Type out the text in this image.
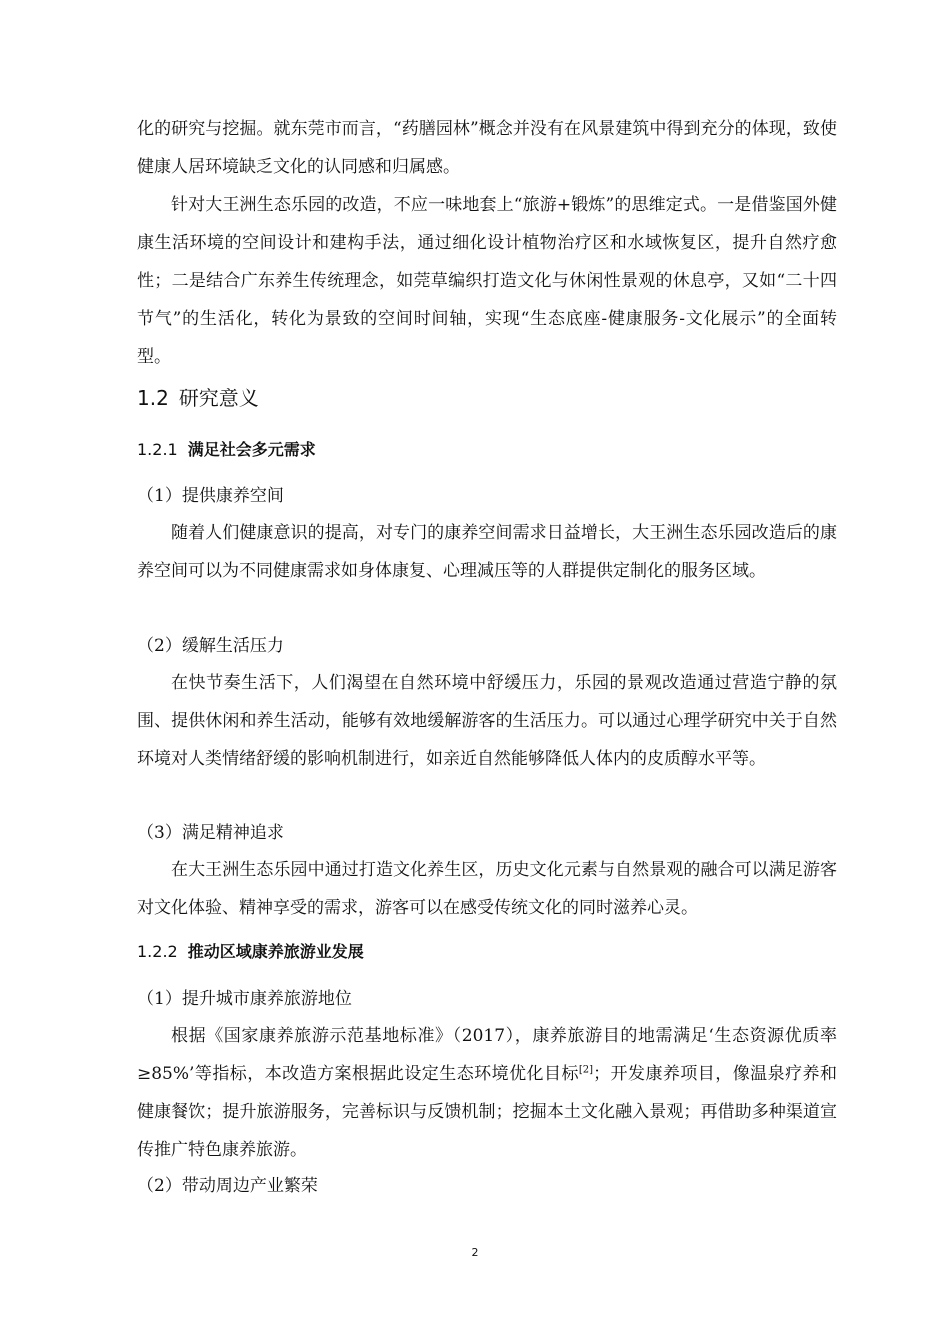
化的研究与挖掘。就东莞市而言，“药膳园林”概念并没有在风景建筑中得到充分的体现，致使健康人居环境缺乏文化的认同感和归属感。

针对大王洲生态乐园的改造，不应一味地套上“旅游+锻炼”的思维定式。一是借鉴国外健康生活环境的空间设计和建构手法，通过细化设计植物治疗区和水域恢复区，提升自然疗愈性；二是结合广东养生传统理念，如莞草编织打造文化与休闲性景观的休息亭，又如“二十四节气”的生活化，转化为景致的空间时间轴，实现“生态底座-健康服务-文化展示”的全面转型。

1.2 研究意义
1.2.1 满足社会多元需求

（1）提供康养空间

随着人们健康意识的提高，对专门的康养空间需求日益增长，大王洲生态乐园改造后的康养空间可以为不同健康需求如身体康复、心理减压等的人群提供定制化的服务区域。

（2）缓解生活压力

在快节奏生活下，人们渴望在自然环境中舒缓压力，乐园的景观改造通过营造宁静的氛围、提供休闲和养生活动，能够有效地缓解游客的生活压力。可以通过心理学研究中关于自然环境对人类情绪舒缓的影响机制进行，如亲近自然能够降低人体内的皮质醇水平等。

（3）满足精神追求

在大王洲生态乐园中通过打造文化养生区，历史文化元素与自然景观的融合可以满足游客对文化体验、精神享受的需求，游客可以在感受传统文化的同时滋养心灵。

1.2.2 推动区域康养旅游业发展

（1）提升城市康养旅游地位

根据《国家康养旅游示范基地标准》（2017），康养旅游目的地需满足‘生态资源优质率≥85%’等指标，本改造方案根据此设定生态环境优化目标[2]；开发康养项目，像温泉疗养和健康餐饮；提升旅游服务，完善标识与反馈机制；挖掘本土文化融入景观；再借助多种渠道宣传推广特色康养旅游。

（2）带动周边产业繁荣

2
